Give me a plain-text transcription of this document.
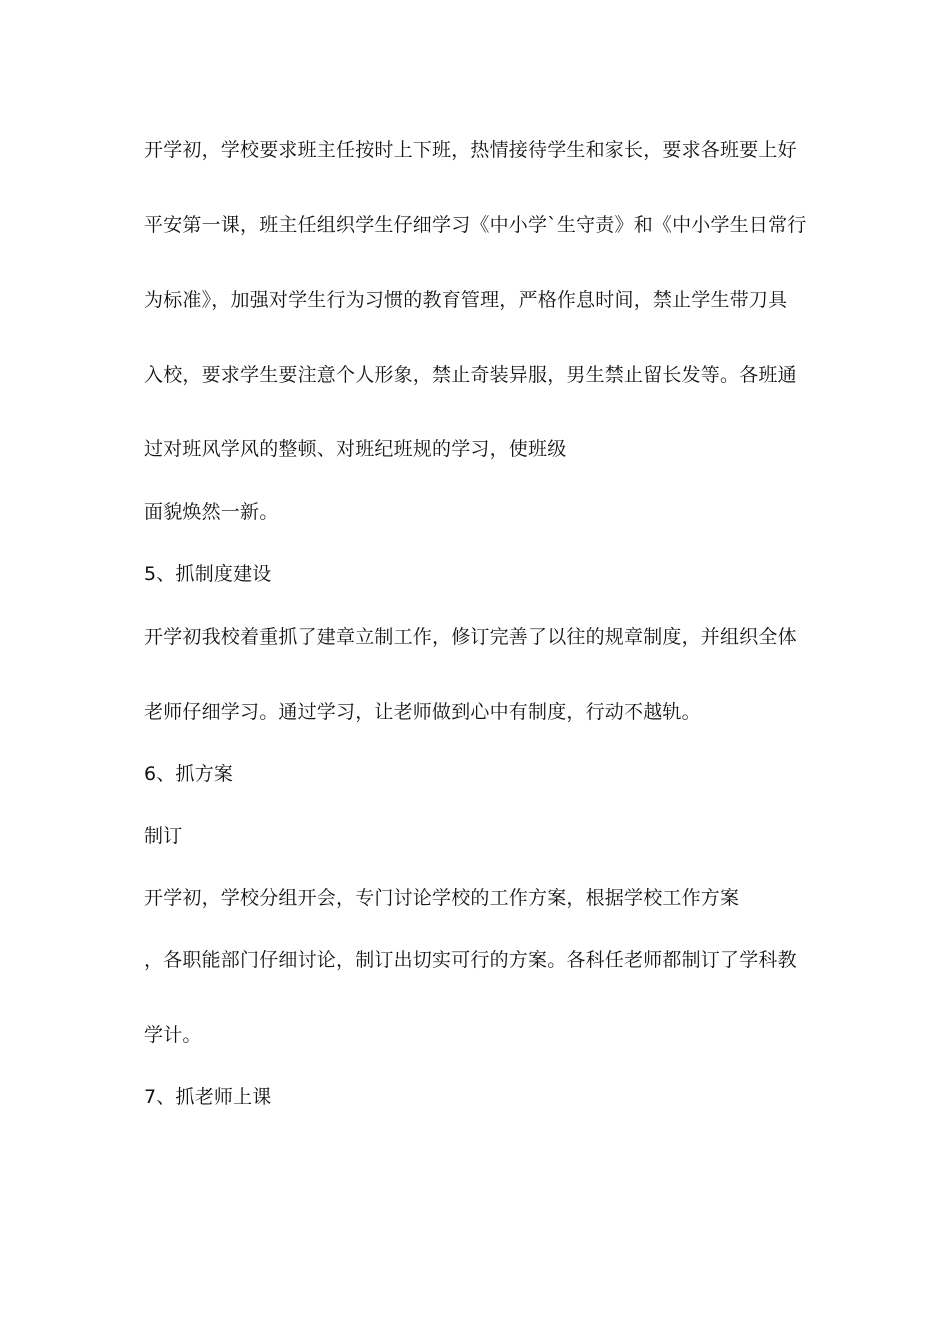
开学初，学校要求班主任按时上下班，热情接待学生和家长，要求各班要上好
平安第一课，班主任组织学生仔细学习《中小学`生守责》和《中小学生日常行
为标准》，加强对学生行为习惯的教育管理，严格作息时间，禁止学生带刀具
入校，要求学生要注意个人形象，禁止奇装异服，男生禁止留长发等。各班通
过对班风学风的整顿、对班纪班规的学习，使班级
面貌焕然一新。
5、抓制度建设
开学初我校着重抓了建章立制工作，修订完善了以往的规章制度，并组织全体
老师仔细学习。通过学习，让老师做到心中有制度，行动不越轨。
6、抓方案
制订
开学初，学校分组开会，专门讨论学校的工作方案，根据学校工作方案
，各职能部门仔细讨论，制订出切实可行的方案。各科任老师都制订了学科教
学计。
7、抓老师上课
